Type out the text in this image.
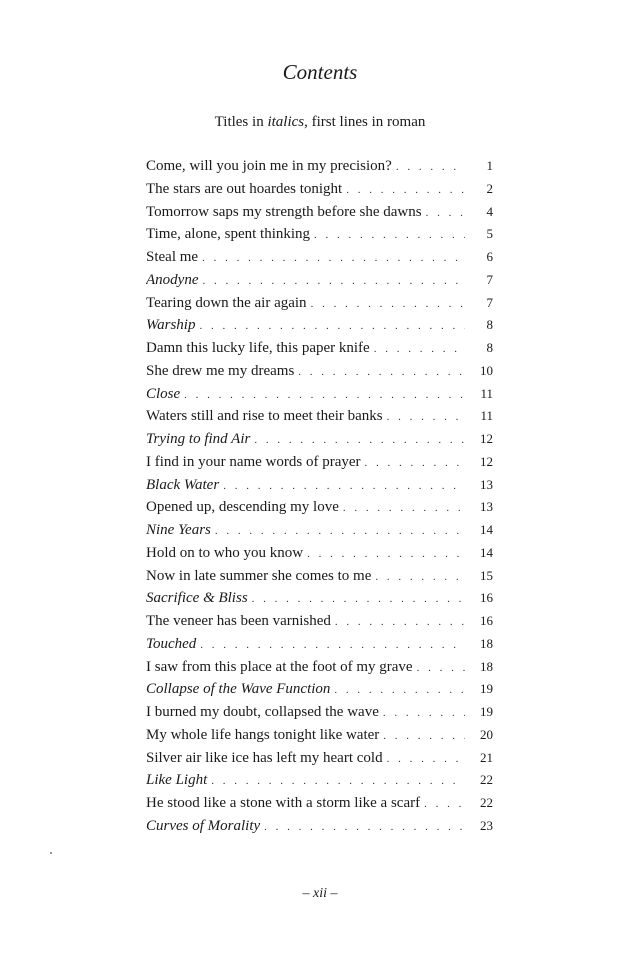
Contents
Titles in italics, first lines in roman
Come, will you join me in my precision? . . .	1
The stars are out hoardes tonight . . .	2
Tomorrow saps my strength before she dawns . . .	4
Time, alone, spent thinking . . .	5
Steal me . . .	6
Anodyne . . .	7
Tearing down the air again . . .	7
Warship . . .	8
Damn this lucky life, this paper knife . . .	8
She drew me my dreams . . .	10
Close . . .	11
Waters still and rise to meet their banks . . .	11
Trying to find Air . . .	12
I find in your name words of prayer . . .	12
Black Water . . .	13
Opened up, descending my love . . .	13
Nine Years . . .	14
Hold on to who you know . . .	14
Now in late summer she comes to me . . .	15
Sacrifice & Bliss . . .	16
The veneer has been varnished . . .	16
Touched . . .	18
I saw from this place at the foot of my grave . . .	18
Collapse of the Wave Function . . .	19
I burned my doubt, collapsed the wave . . .	19
My whole life hangs tonight like water . . .	20
Silver air like ice has left my heart cold . . .	21
Like Light . . .	22
He stood like a stone with a storm like a scarf . . .	22
Curves of Morality . . .	23
– xii –
